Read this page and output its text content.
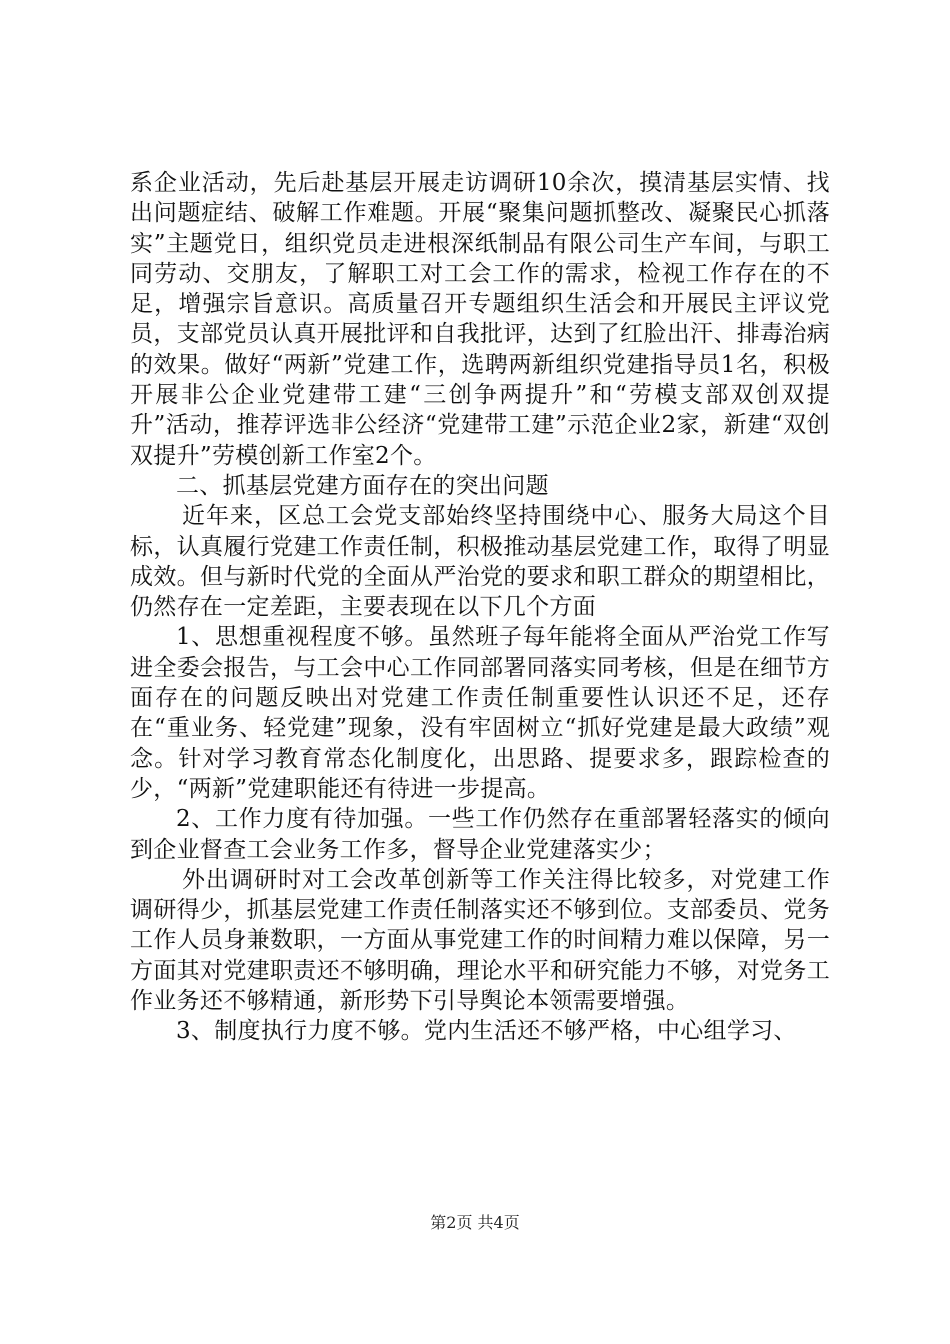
系企业活动，先后赴基层开展走访调研10余次，摸清基层实情、找出问题症结、破解工作难题。开展“聚集问题抓整改、凝聚民心抓落实”主题党日，组织党员走进根深纸制品有限公司生产车间，与职工同劳动、交朋友，了解职工对工会工作的需求，检视工作存在的不足，增强宗旨意识。高质量召开专题组织生活会和开展民主评议党员，支部党员认真开展批评和自我批评，达到了红脸出汗、排毒治病的效果。做好“两新”党建工作，选聘两新组织党建指导员1名，积极开展非公企业党建带工建“三创争两提升”和“劳模支部双创双提升”活动，推荐评选非公经济“党建带工建”示范企业2家，新建“双创双提升”劳模创新工作室2个。

二、抓基层党建方面存在的突出问题

近年来，区总工会党支部始终坚持围绕中心、服务大局这个目标，认真履行党建工作责任制，积极推动基层党建工作，取得了明显成效。但与新时代党的全面从严治党的要求和职工群众的期望相比，仍然存在一定差距，主要表现在以下几个方面

1、思想重视程度不够。虽然班子每年能将全面从严治党工作写进全委会报告，与工会中心工作同部署同落实同考核，但是在细节方面存在的问题反映出对党建工作责任制重要性认识还不足，还存在“重业务、轻党建”现象，没有牢固树立“抓好党建是最大政绩”观念。针对学习教育常态化制度化，出思路、提要求多，跟踪检查的少，“两新”党建职能还有待进一步提高。

2、工作力度有待加强。一些工作仍然存在重部署轻落实的倾向到企业督查工会业务工作多，督导企业党建落实少；

外出调研时对工会改革创新等工作关注得比较多，对党建工作调研得少，抓基层党建工作责任制落实还不够到位。支部委员、党务工作人员身兼数职，一方面从事党建工作的时间精力难以保障，另一方面其对党建职责还不够明确，理论水平和研究能力不够，对党务工作业务还不够精通，新形势下引导舆论本领需要增强。

3、制度执行力度不够。党内生活还不够严格，中心组学习、

第2页 共4页
